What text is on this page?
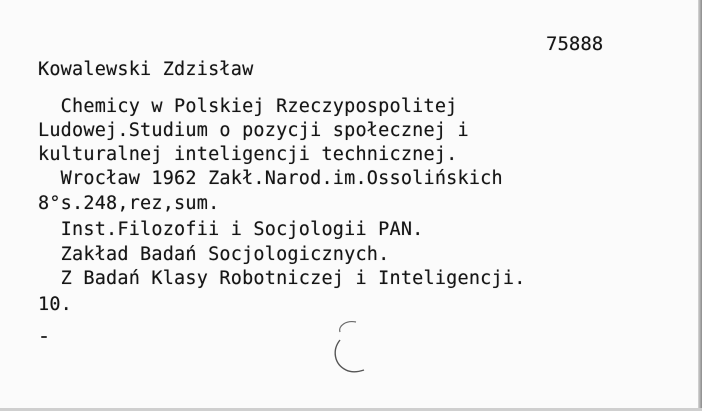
75888
Kowalewski Zdzisław
Chemicy w Polskiej Rzeczypospolitej
Ludowej.Studium o pozycji społecznej i
kulturalnej inteligencji technicznej.
Wrocław 1962 Zakł.Narod.im.Ossolińskich
8°s.248,rez,sum.
Inst.Filozofii i Socjologii PAN.
Zakład Badań Socjologicznych.
Z Badań Klasy Robotniczej i Inteligencji.
10.
